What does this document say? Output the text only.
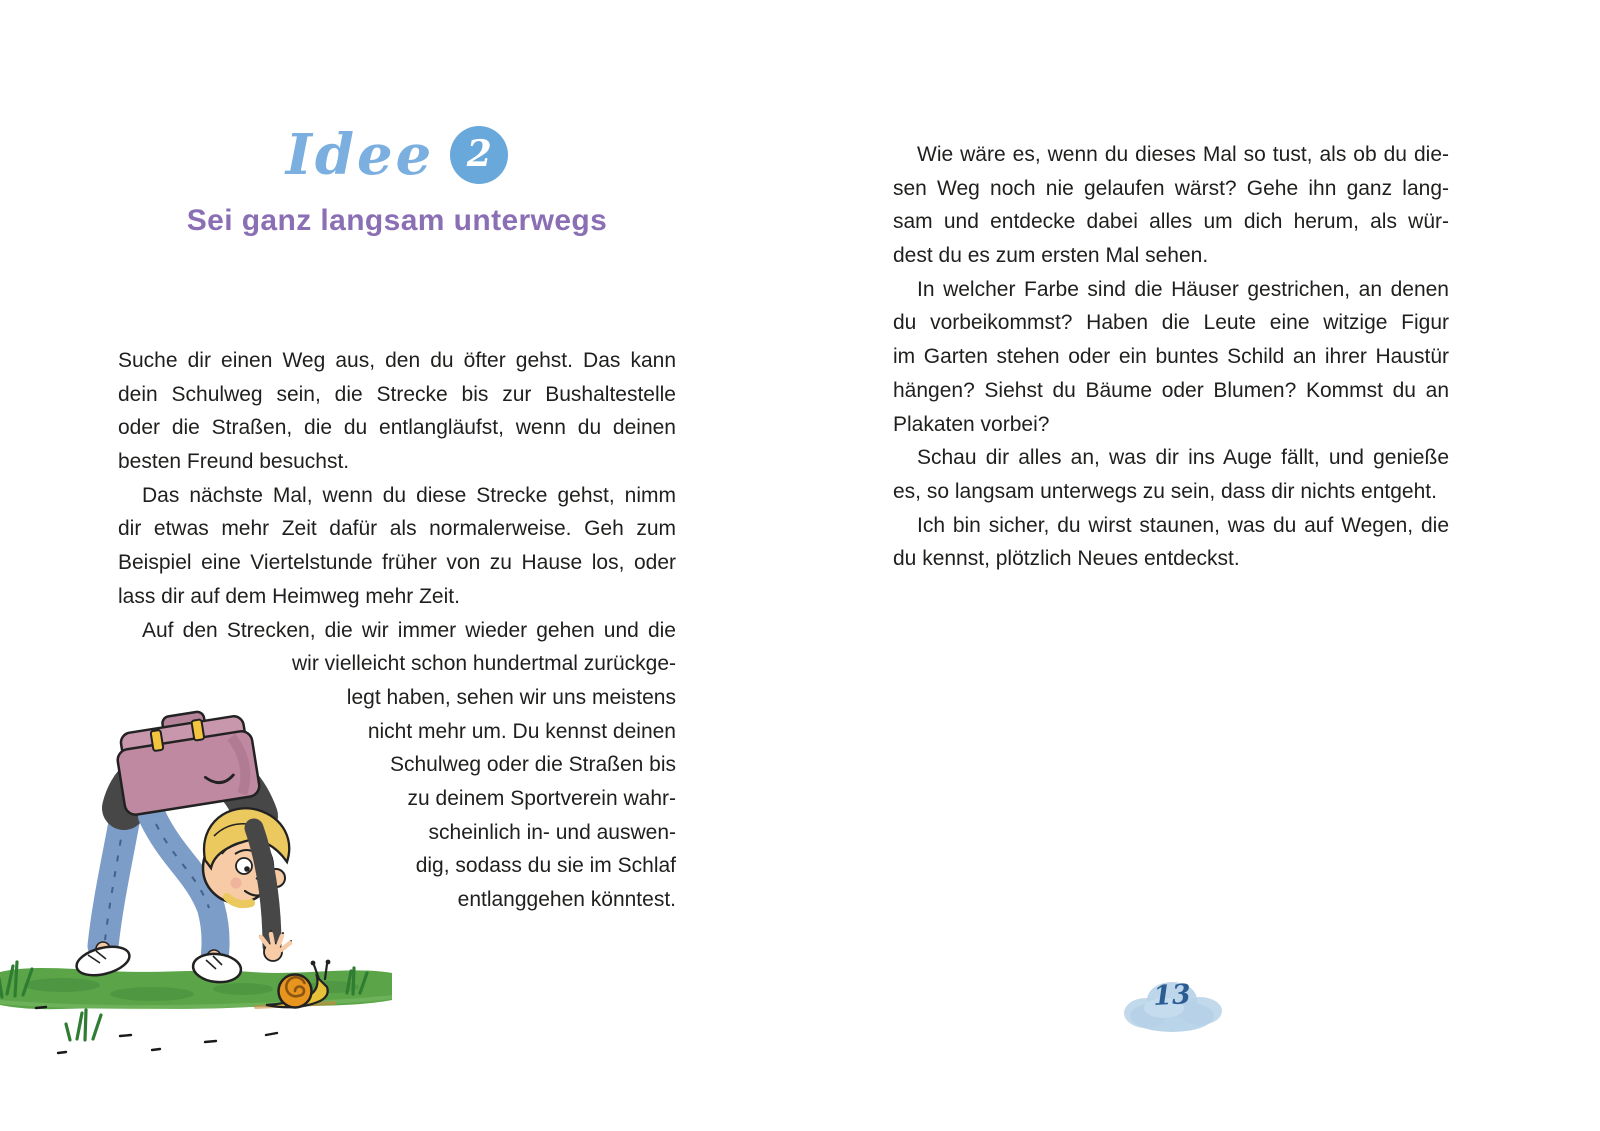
Idee 2
Sei ganz langsam unterwegs
Suche dir einen Weg aus, den du öfter gehst. Das kann
dein Schulweg sein, die Strecke bis zur Bushaltestelle
oder die Straßen, die du entlangläufst, wenn du deinen
besten Freund besuchst.
Das nächste Mal, wenn du diese Strecke gehst, nimm
dir etwas mehr Zeit dafür als normalerweise. Geh zum
Beispiel eine Viertelstunde früher von zu Hause los, oder
lass dir auf dem Heimweg mehr Zeit.
Auf den Strecken, die wir immer wieder gehen und die
wir vielleicht schon hundertmal zurückge-
legt haben, sehen wir uns meistens
nicht mehr um. Du kennst deinen
Schulweg oder die Straßen bis
zu deinem Sportverein wahr-
scheinlich in- und auswen-
dig, sodass du sie im Schlaf
entlanggehen könntest.
Wie wäre es, wenn du dieses Mal so tust, als ob du die-
sen Weg noch nie gelaufen wärst? Gehe ihn ganz lang-
sam und entdecke dabei alles um dich herum, als wür-
dest du es zum ersten Mal sehen.
In welcher Farbe sind die Häuser gestrichen, an denen
du vorbeikommst? Haben die Leute eine witzige Figur
im Garten stehen oder ein buntes Schild an ihrer Haustür
hängen? Siehst du Bäume oder Blumen? Kommst du an
Plakaten vorbei?
Schau dir alles an, was dir ins Auge fällt, und genieße
es, so langsam unterwegs zu sein, dass dir nichts entgeht.
Ich bin sicher, du wirst staunen, was du auf Wegen, die
du kennst, plötzlich Neues entdeckst.
13
